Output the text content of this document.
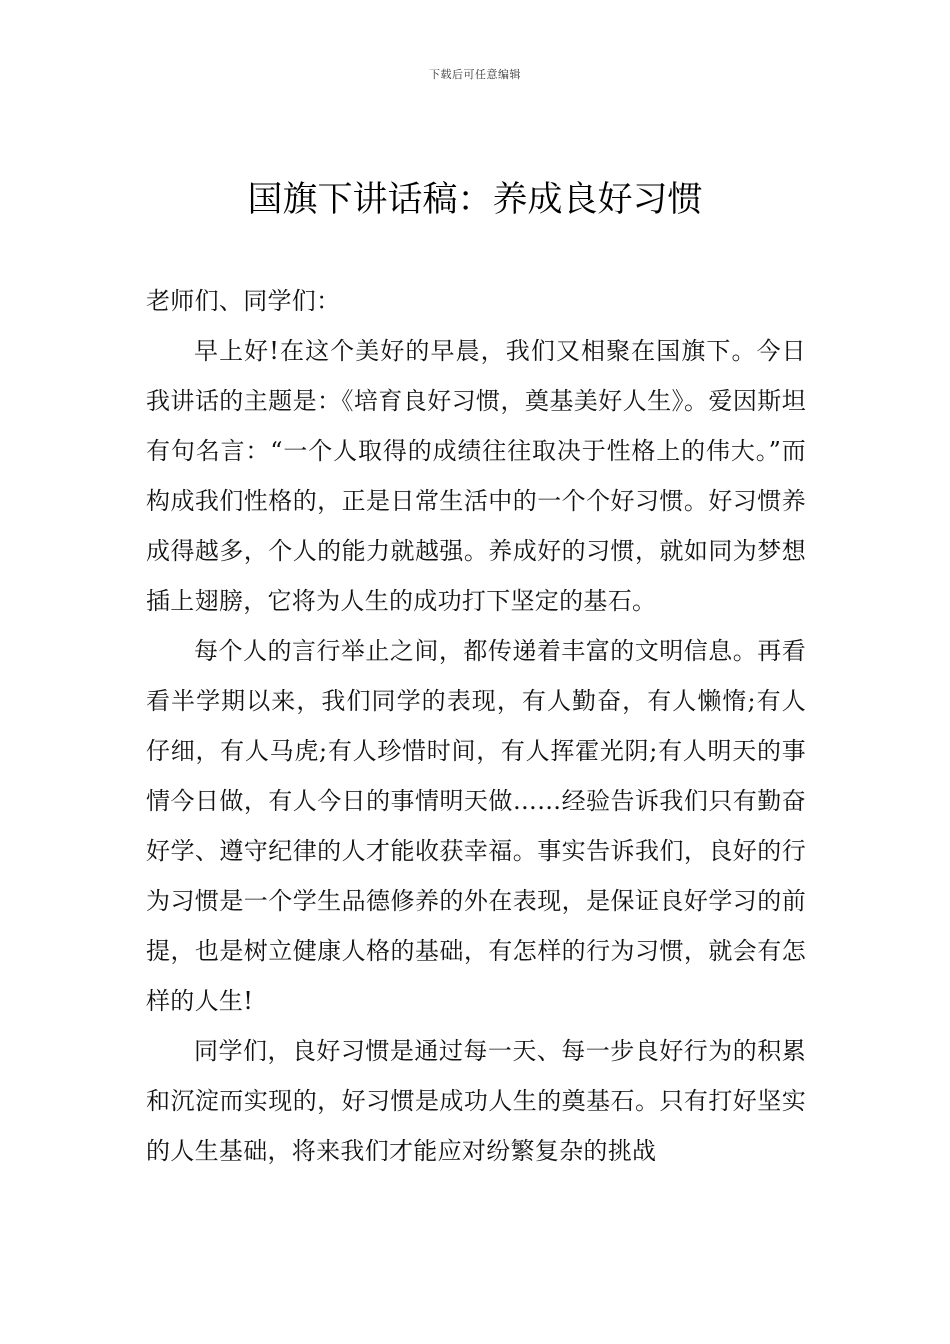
下载后可任意编辑
国旗下讲话稿：养成良好习惯

老师们、同学们：

早上好!在这个美好的早晨，我们又相聚在国旗下。今日我讲话的主题是：《培育良好习惯，奠基美好人生》。爱因斯坦有句名言：“一个人取得的成绩往往取决于性格上的伟大。”而构成我们性格的，正是日常生活中的一个个好习惯。好习惯养成得越多，个人的能力就越强。养成好的习惯，就如同为梦想插上翅膀，它将为人生的成功打下坚定的基石。

每个人的言行举止之间，都传递着丰富的文明信息。再看看半学期以来，我们同学的表现，有人勤奋，有人懒惰;有人仔细，有人马虎;有人珍惜时间，有人挥霍光阴;有人明天的事情今日做，有人今日的事情明天做……经验告诉我们只有勤奋好学、遵守纪律的人才能收获幸福。事实告诉我们，良好的行为习惯是一个学生品德修养的外在表现，是保证良好学习的前提，也是树立健康人格的基础，有怎样的行为习惯，就会有怎样的人生!

同学们，良好习惯是通过每一天、每一步良好行为的积累和沉淀而实现的，好习惯是成功人生的奠基石。只有打好坚实的人生基础，将来我们才能应对纷繁复杂的挑战
